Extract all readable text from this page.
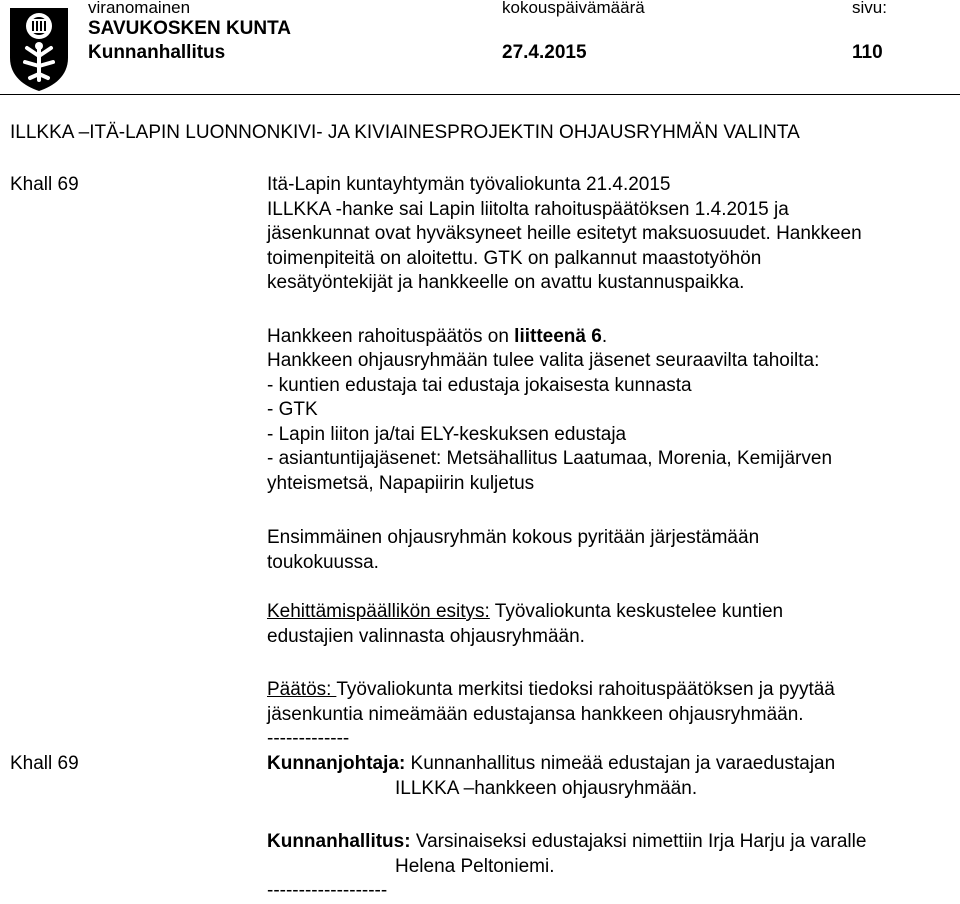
viranomainen	kokouspäivämäärä	sivu:
SAVUKOSKEN KUNTA
Kunnanhallitus	27.4.2015	110
ILLKKA –ITÄ-LAPIN LUONNONKIVI- JA KIVIAINESPROJEKTIN OHJAUSRYHMÄN VALINTA
Khall 69	Itä-Lapin kuntayhtymän työvaliokunta 21.4.2015
ILLKKA -hanke sai Lapin liitolta rahoituspäätöksen 1.4.2015 ja
jäsenkunnat ovat hyväksyneet heille esitetyt maksuosuudet. Hankkeen
toimenpiteitä on aloitettu. GTK on palkannut maastotyöhön
kesätyöntekijät ja hankkeelle on avattu kustannuspaikka.
Hankkeen rahoituspäätös on liitteenä 6.
Hankkeen ohjausryhmään tulee valita jäsenet seuraavilta tahoilta:
- kuntien edustaja tai edustaja jokaisesta kunnasta
- GTK
- Lapin liiton ja/tai ELY-keskuksen edustaja
- asiantuntijajäsenet: Metsähallitus Laatumaa, Morenia, Kemijärven
yhteismetsä, Napapiirin kuljetus
Ensimmäinen ohjausryhmän kokous pyritään järjestämään
toukokuussa.
Kehittämispäällikön esitys: Työvaliokunta keskustelee kuntien
edustajien valinnasta ohjausryhmään.
Päätös: Työvaliokunta merkitsi tiedoksi rahoituspäätöksen ja pyytää
jäsenkuntia nimeämään edustajansa hankkeen ohjausryhmään.
-------------
Khall 69	Kunnanjohtaja: Kunnanhallitus nimeää edustajan ja varaedustajan
ILLKKA –hankkeen ohjausryhmään.
Kunnanhallitus: Varsinaiseksi edustajaksi nimettiin Irja Harju ja varalle
Helena Peltoniemi.
-------------------
